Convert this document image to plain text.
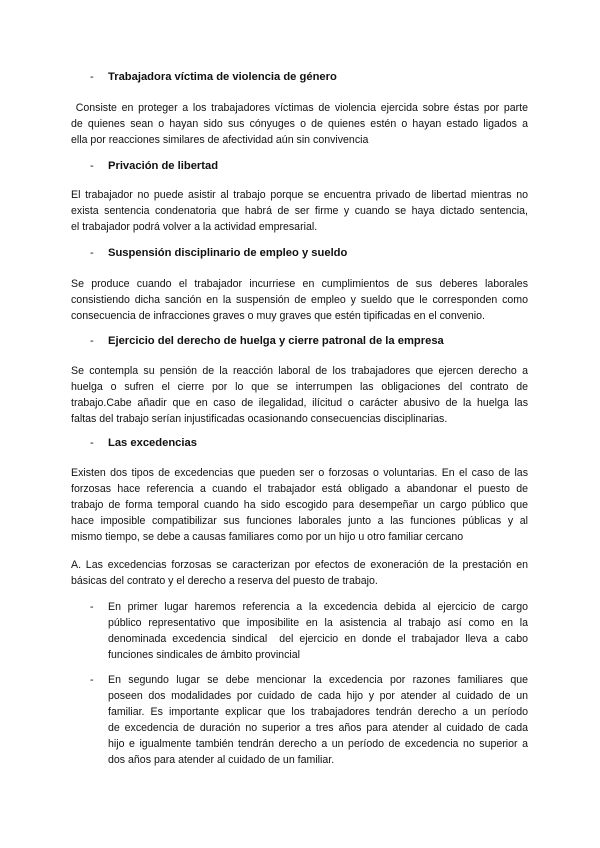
- Trabajadora víctima de violencia de género
Consiste en proteger a los trabajadores víctimas de violencia ejercida sobre éstas por parte
de quienes sean o hayan sido sus cónyuges o de quienes estén o hayan estado ligados a
ella por reacciones similares de afectividad aún sin convivencia
- Privación de libertad
El trabajador no puede asistir al trabajo porque se encuentra privado de libertad mientras no
exista sentencia condenatoria que habrá de ser firme y cuando se haya dictado sentencia,
el trabajador podrá volver a la actividad empresarial.
- Suspensión disciplinario de empleo y sueldo
Se produce cuando el trabajador incurriese en cumplimientos de sus deberes laborales
consistiendo dicha sanción en la suspensión de empleo y sueldo que le corresponden como
consecuencia de infracciones graves o muy graves que estén tipificadas en el convenio.
- Ejercicio del derecho de huelga y cierre patronal de la empresa
Se contempla su pensión de la reacción laboral de los trabajadores que ejercen derecho a
huelga o sufren el cierre por lo que se interrumpen las obligaciones del contrato de
trabajo.Cabe añadir que en caso de ilegalidad, ilícitud o carácter abusivo de la huelga las
faltas del trabajo serían injustificadas ocasionando consecuencias disciplinarias.
- Las excedencias
Existen dos tipos de excedencias que pueden ser o forzosas o voluntarias. En el caso de las
forzosas hace referencia a cuando el trabajador está obligado a abandonar el puesto de
trabajo de forma temporal cuando ha sido escogido para desempeñar un cargo público que
hace imposible compatibilizar sus funciones laborales junto a las funciones públicas y al
mismo tiempo, se debe a causas familiares como por un hijo u otro familiar cercano
A. Las excedencias forzosas se caracterizan por efectos de exoneración de la prestación en
básicas del contrato y el derecho a reserva del puesto de trabajo.
- En primer lugar haremos referencia a la excedencia debida al ejercicio de cargo
público representativo que imposibilite en la asistencia al trabajo así como en la
denominada excedencia sindical  del ejercicio en donde el trabajador lleva a cabo
funciones sindicales de ámbito provincial
- En segundo lugar se debe mencionar la excedencia por razones familiares que
poseen dos modalidades por cuidado de cada hijo y por atender al cuidado de un
familiar. Es importante explicar que los trabajadores tendrán derecho a un período
de excedencia de duración no superior a tres años para atender al cuidado de cada
hijo e igualmente también tendrán derecho a un período de excedencia no superior a
dos años para atender al cuidado de un familiar.
